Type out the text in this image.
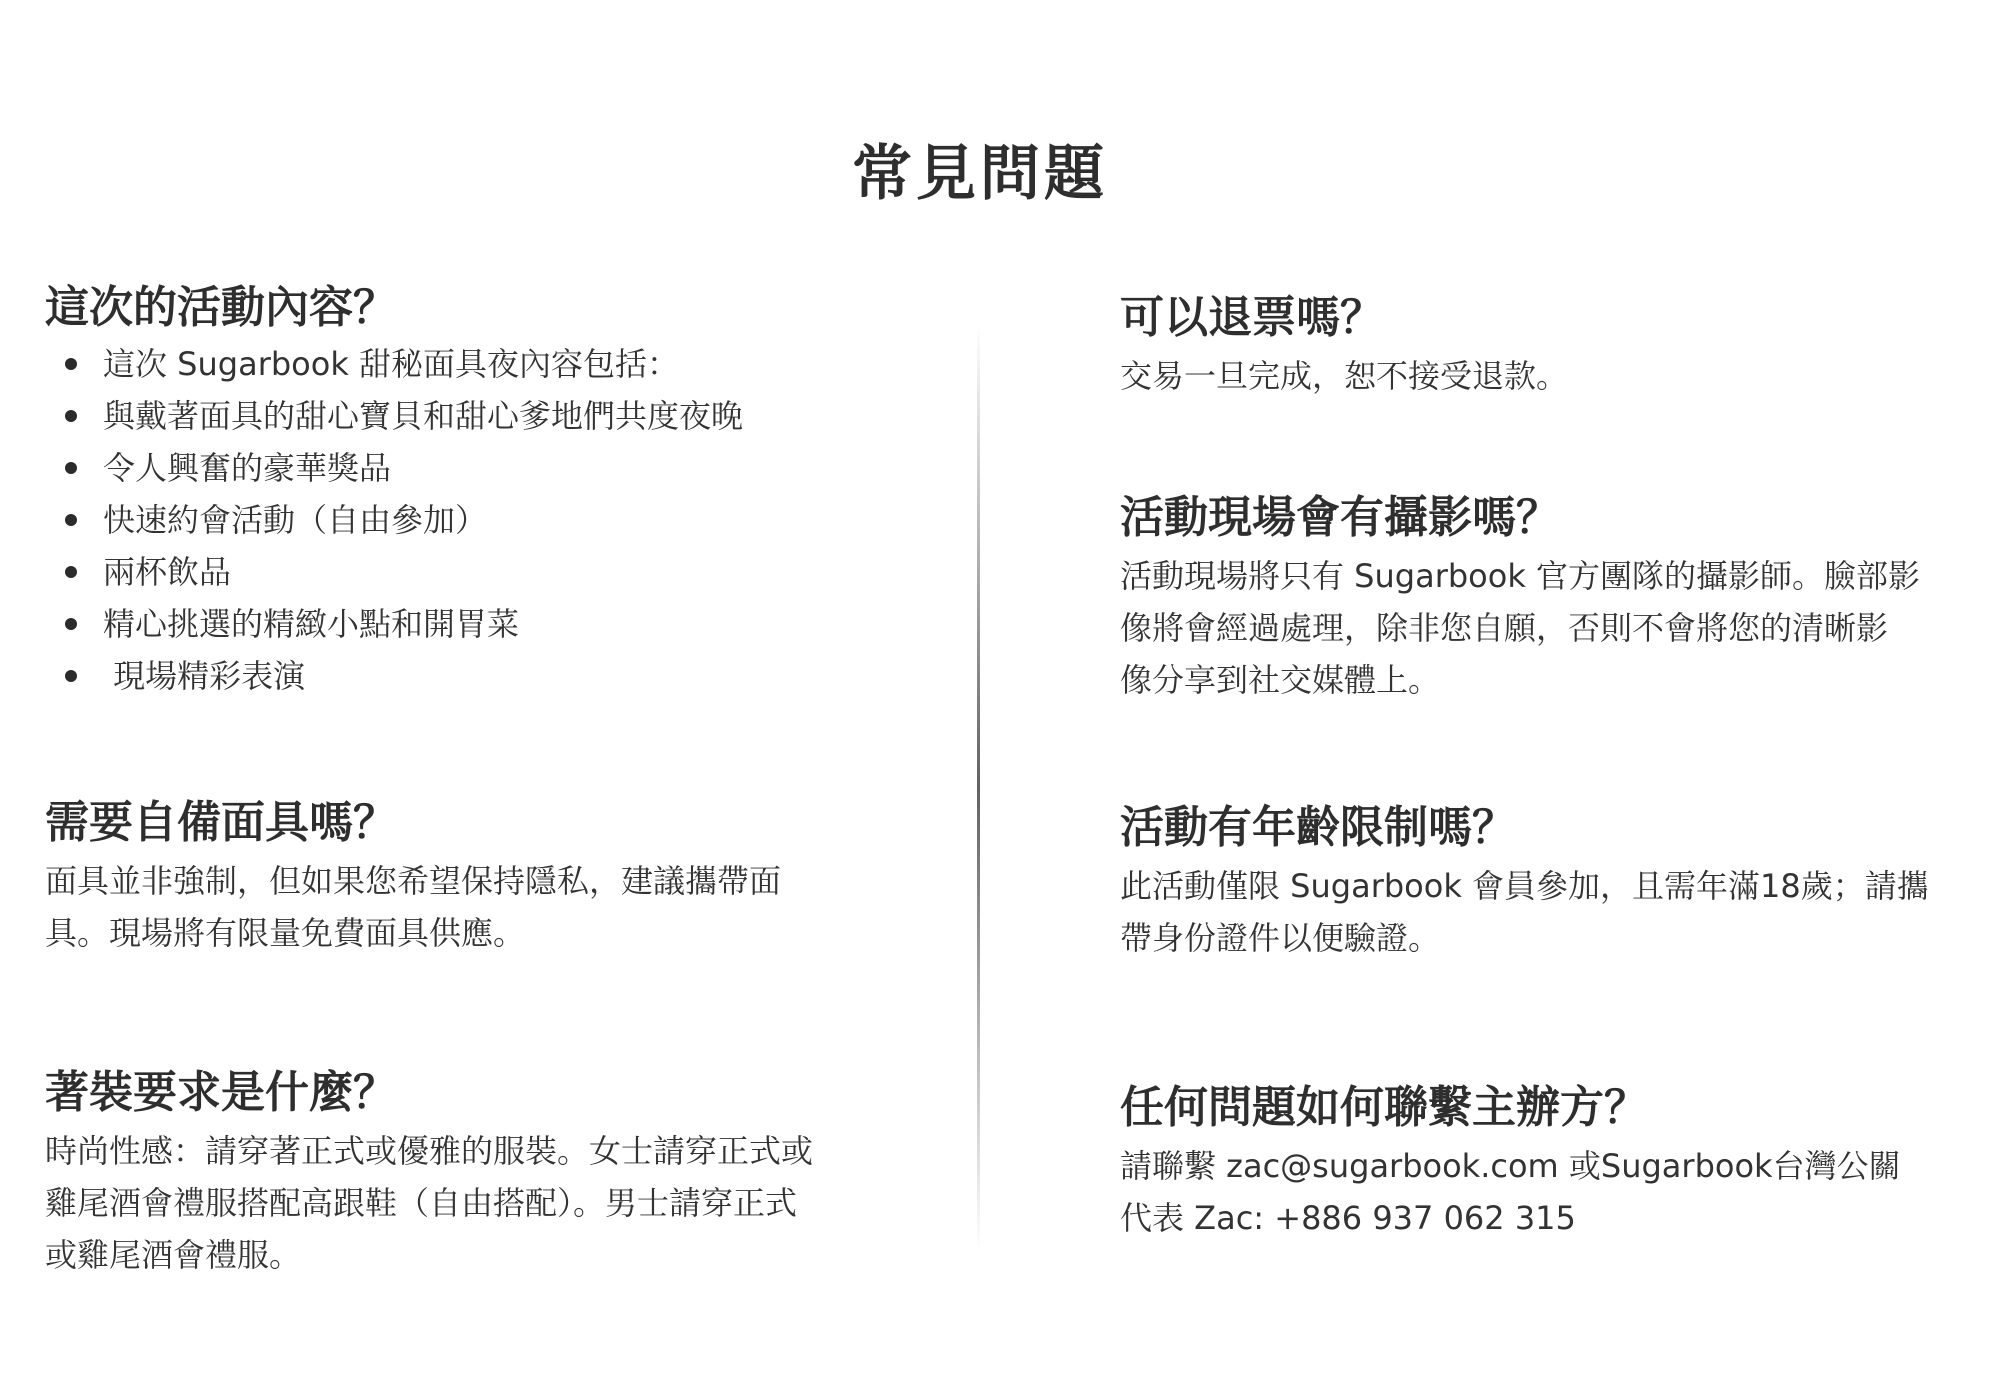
常見問題
這次的活動內容？
這次 Sugarbook 甜秘面具夜內容包括：
與戴著面具的甜心寶貝和甜心爹地們共度夜晚
令人興奮的豪華獎品
快速約會活動（自由參加）
兩杯飲品
精心挑選的精緻小點和開胃菜
現場精彩表演
需要自備面具嗎？

面具並非強制，但如果您希望保持隱私，建議攜帶面

具。現場將有限量免費面具供應。

著裝要求是什麼？

時尚性感：請穿著正式或優雅的服裝。女士請穿正式或

雞尾酒會禮服搭配高跟鞋（自由搭配）。男士請穿正式

或雞尾酒會禮服。

可以退票嗎？

交易一旦完成，恕不接受退款。

活動現場會有攝影嗎？

活動現場將只有 Sugarbook 官方團隊的攝影師。臉部影

像將會經過處理，除非您自願，否則不會將您的清晰影

像分享到社交媒體上。

活動有年齡限制嗎？

此活動僅限 Sugarbook 會員參加，且需年滿18歲；請攜

帶身份證件以便驗證。

任何問題如何聯繫主辦方？

請聯繫 zac@sugarbook.com 或Sugarbook台灣公關

代表 Zac: +886 937 062 315
